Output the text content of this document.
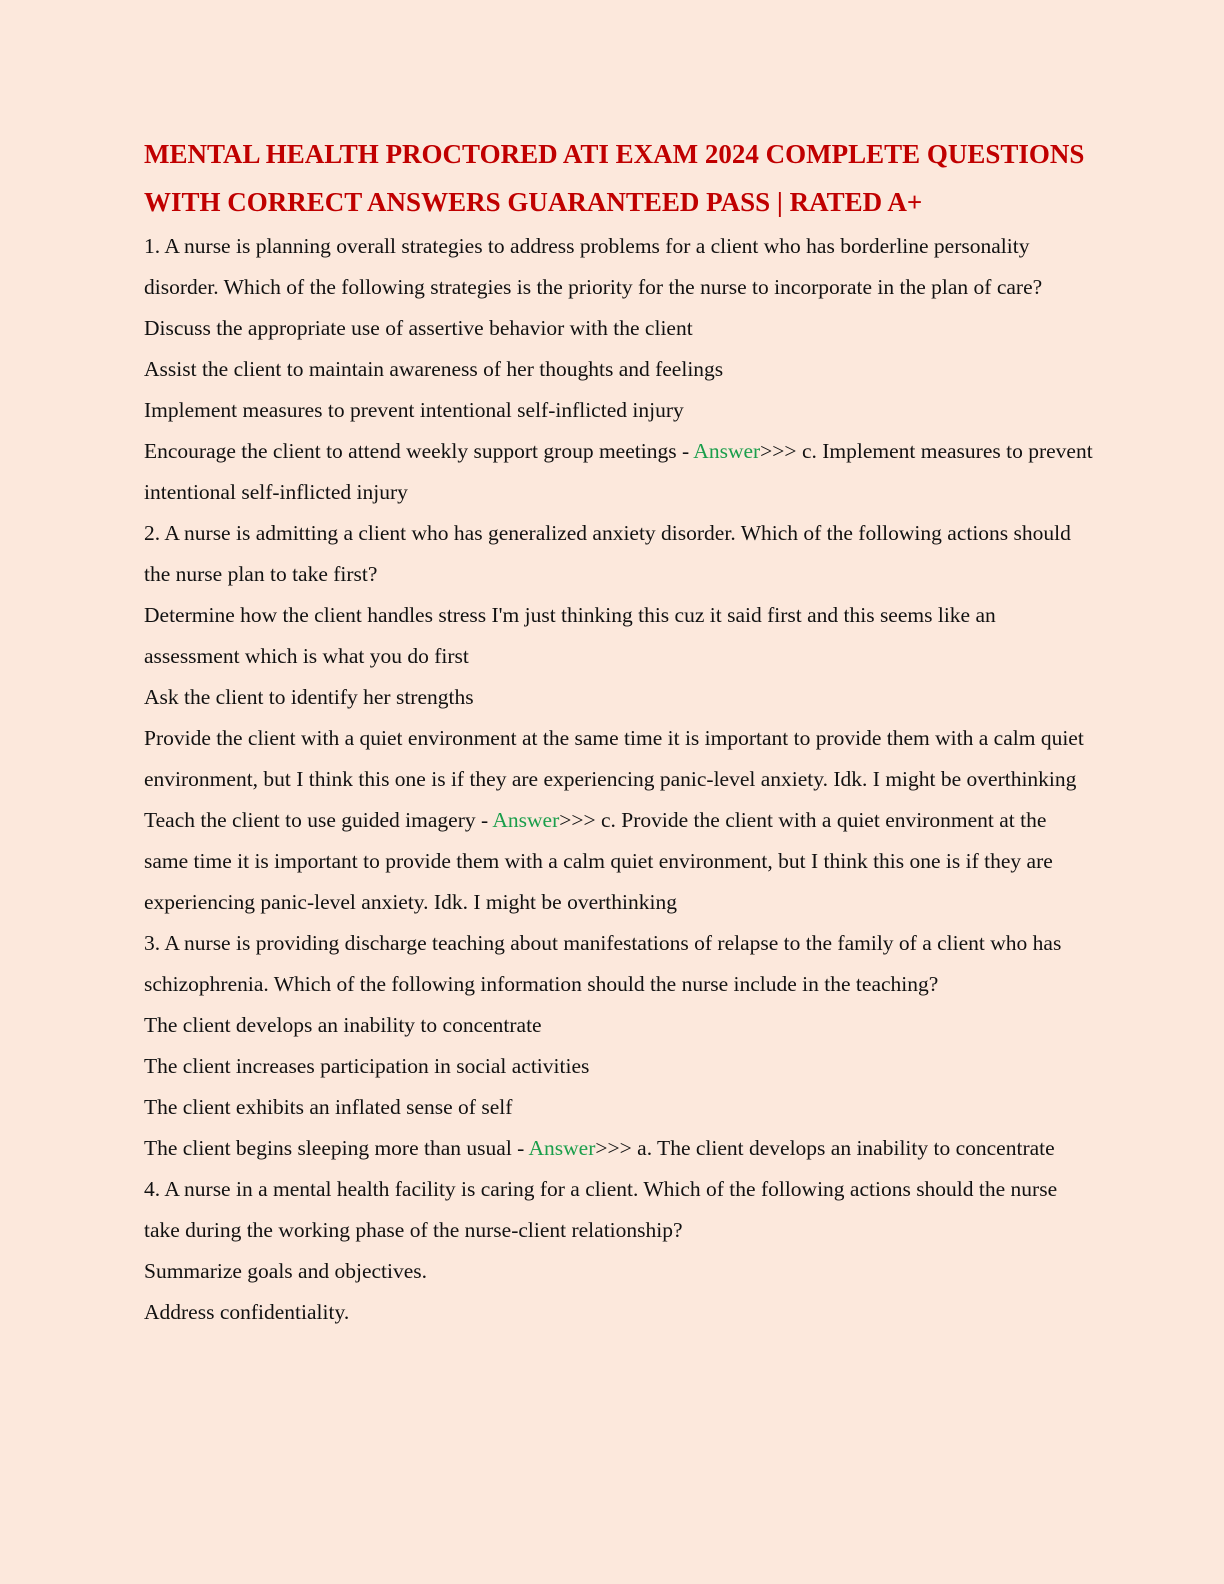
MENTAL HEALTH PROCTORED ATI EXAM 2024 COMPLETE QUESTIONS WITH CORRECT ANSWERS GUARANTEED PASS | RATED A+

1. A nurse is planning overall strategies to address problems for a client who has borderline personality disorder. Which of the following strategies is the priority for the nurse to incorporate in the plan of care?

Discuss the appropriate use of assertive behavior with the client

Assist the client to maintain awareness of her thoughts and feelings

Implement measures to prevent intentional self-inflicted injury

Encourage the client to attend weekly support group meetings - Answer>>> c. Implement measures to prevent intentional self-inflicted injury

2. A nurse is admitting a client who has generalized anxiety disorder. Which of the following actions should the nurse plan to take first?

Determine how the client handles stress I'm just thinking this cuz it said first and this seems like an assessment which is what you do first

Ask the client to identify her strengths

Provide the client with a quiet environment at the same time it is important to provide them with a calm quiet environment, but I think this one is if they are experiencing panic-level anxiety. Idk. I might be overthinking

Teach the client to use guided imagery - Answer>>> c. Provide the client with a quiet environment at the same time it is important to provide them with a calm quiet environment, but I think this one is if they are experiencing panic-level anxiety. Idk. I might be overthinking

3. A nurse is providing discharge teaching about manifestations of relapse to the family of a client who has schizophrenia. Which of the following information should the nurse include in the teaching?

The client develops an inability to concentrate

The client increases participation in social activities

The client exhibits an inflated sense of self

The client begins sleeping more than usual - Answer>>> a. The client develops an inability to concentrate

4. A nurse in a mental health facility is caring for a client. Which of the following actions should the nurse take during the working phase of the nurse-client relationship?

Summarize goals and objectives.

Address confidentiality.
